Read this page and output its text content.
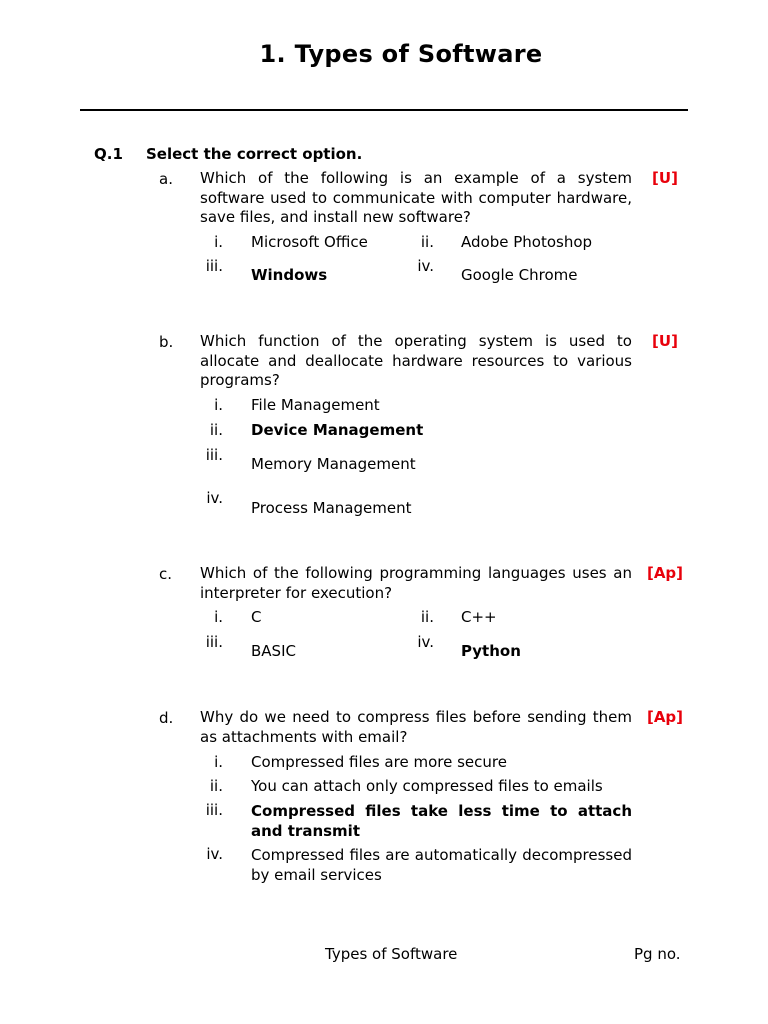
1. Types of Software
Q.1 Select the correct option.
a. Which of the following is an example of a system software used to communicate with computer hardware, save files, and install new software?
[U]
i. Microsoft Office	ii. Adobe Photoshop
iii. Windows	iv. Google Chrome
b. Which function of the operating system is used to allocate and deallocate hardware resources to various programs?
[U]
i. File Management
ii. Device Management
iii. Memory Management
iv.
Process Management
c. Which of the following programming languages uses an interpreter for execution?
[Ap]
i. C	ii. C++
iii. BASIC	iv. Python
d. Why do we need to compress files before sending them as attachments with email?
[Ap]
i. Compressed files are more secure
ii. You can attach only compressed files to emails
iii. Compressed files take less time to attach and transmit
iv. Compressed files are automatically decompressed by email services
Types of Software	Pg no.
